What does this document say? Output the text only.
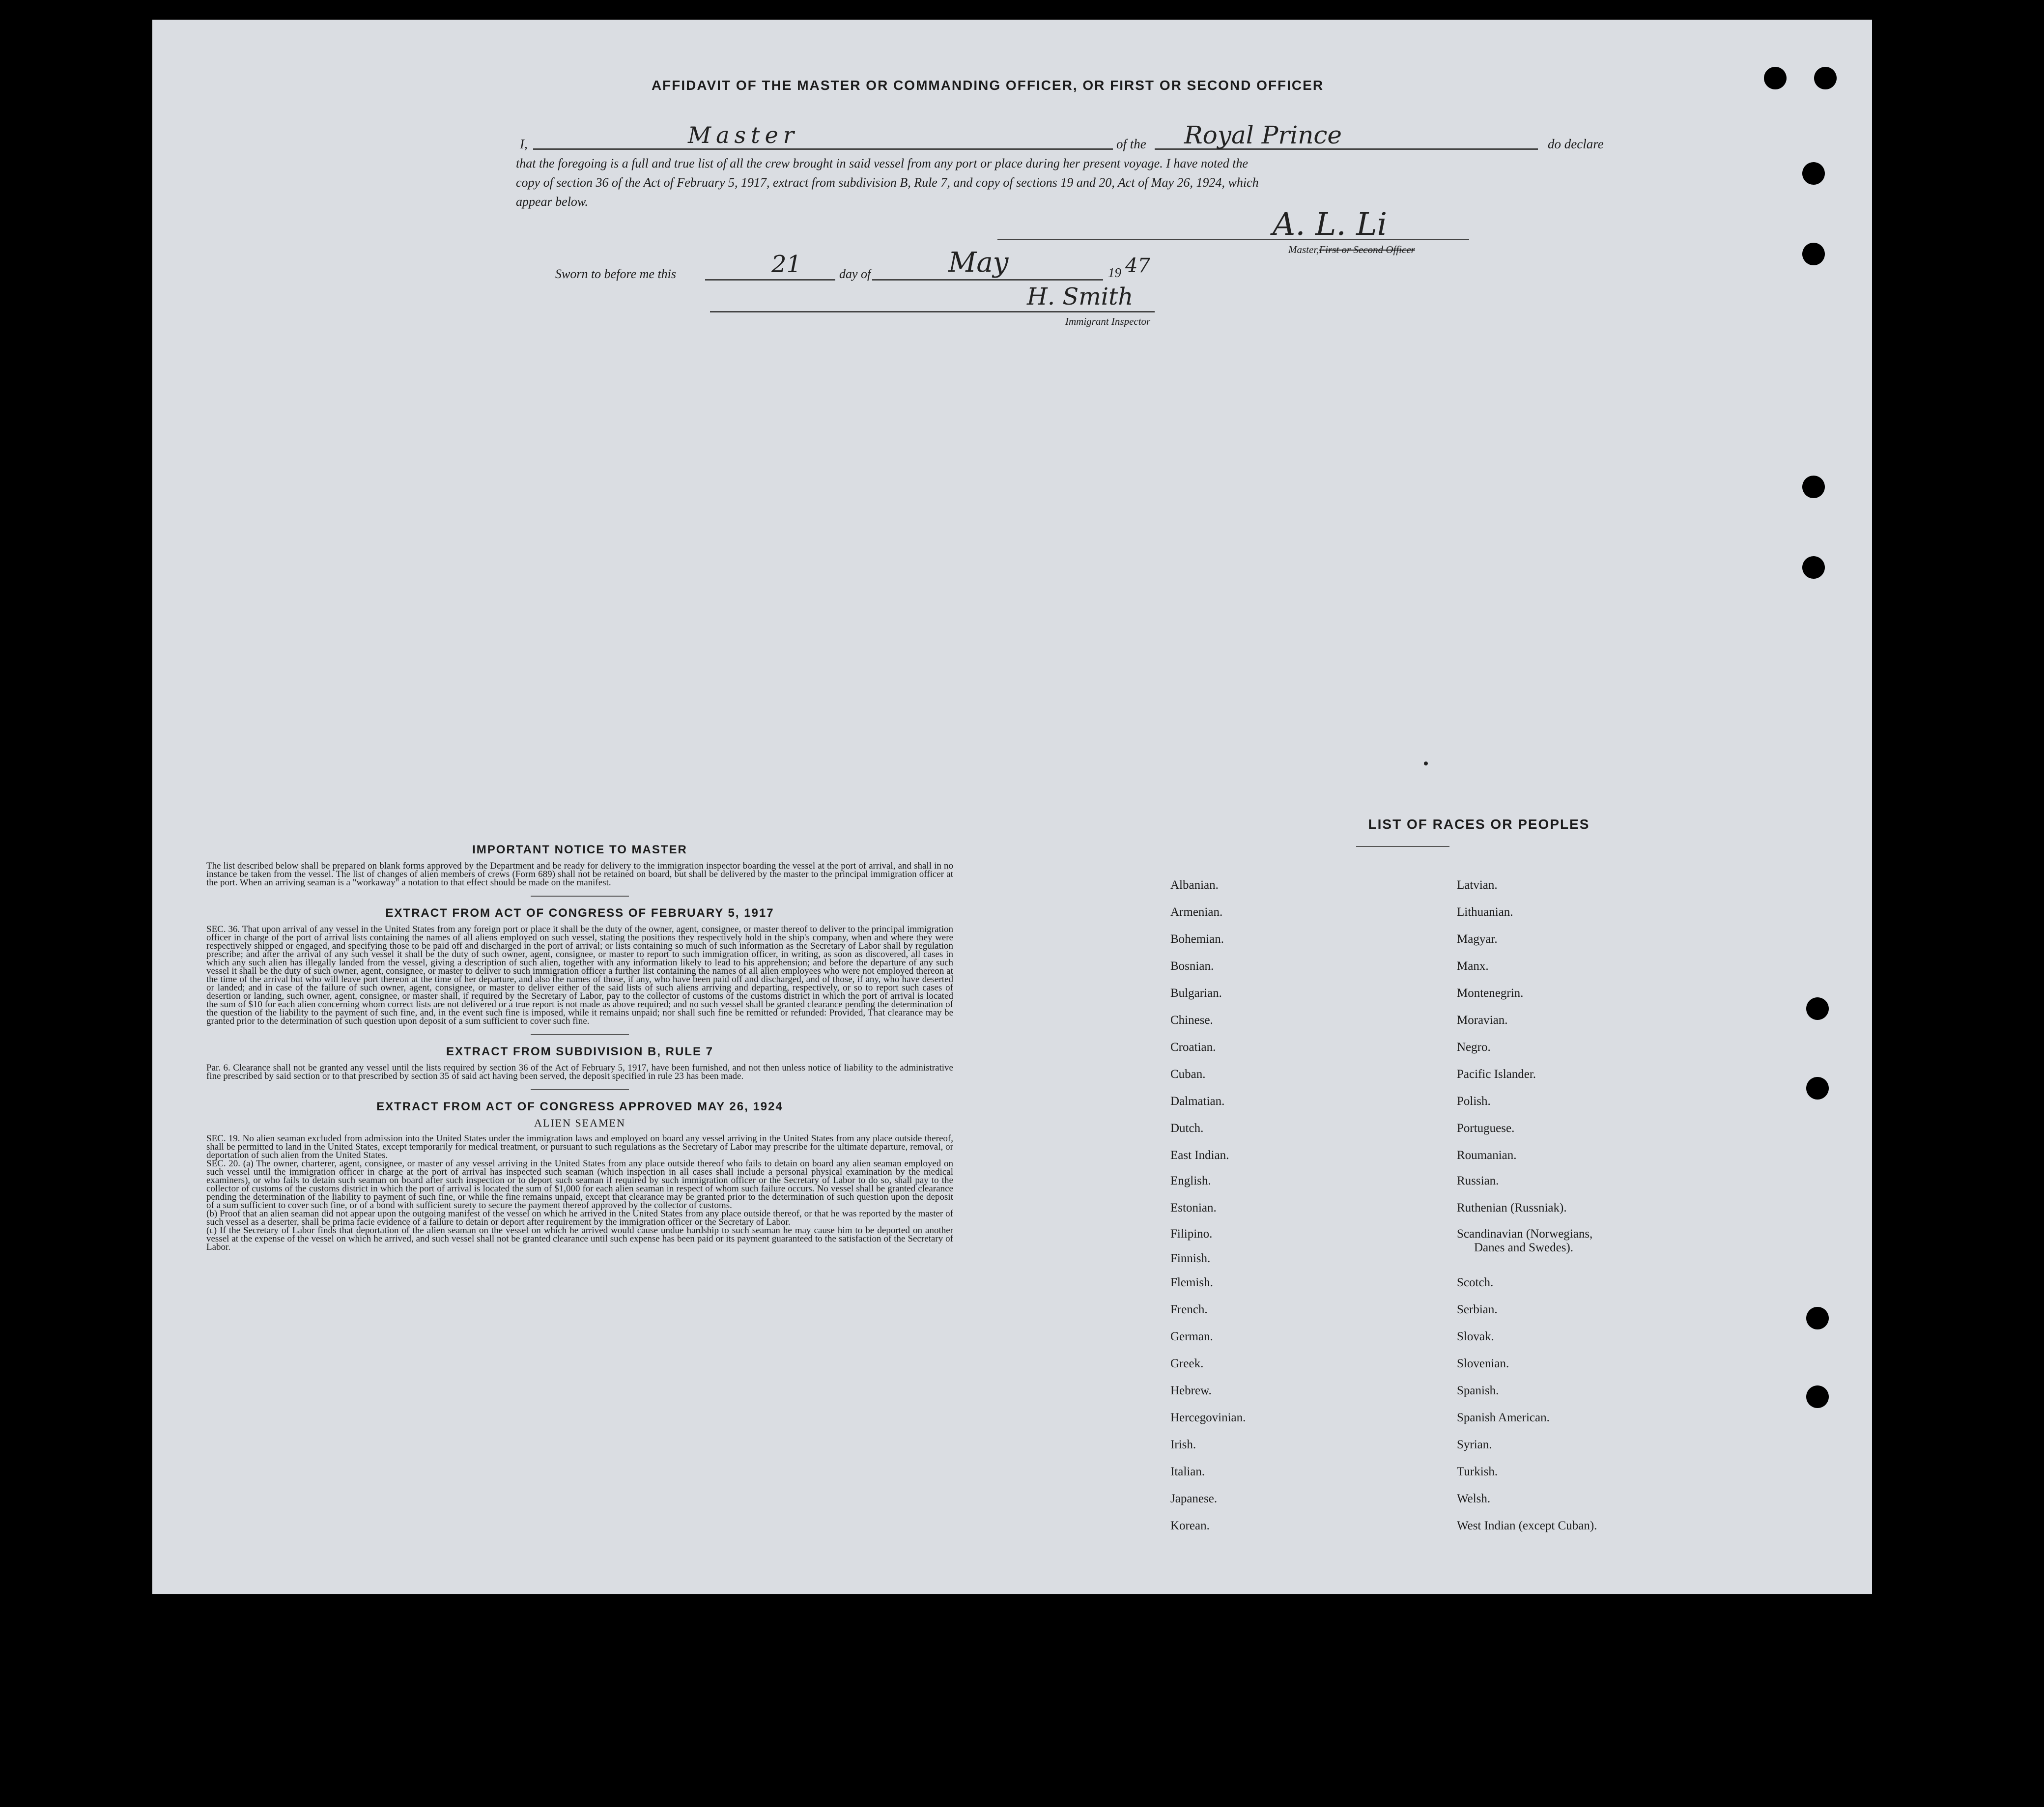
AFFIDAVIT OF THE MASTER OR COMMANDING OFFICER, OR FIRST OR SECOND OFFICER
I,	Master	of the Royal Prince	do declare
that the foregoing is a full and true list of all the crew brought in said vessel from any port or place during her present voyage. I have noted the
copy of section 36 of the Act of February 5, 1917, extract from subdivision B, Rule 7, and copy of sections 19 and 20, Act of May 26, 1924, which
appear below.
A. L. Li
Master,First or Second Officer
Sworn to before me this	21	day of	May	19 47
H. Smith
Immigrant Inspector
IMPORTANT NOTICE TO MASTER

The list described below shall be prepared on blank forms approved by the Department and be ready for delivery to the immigration inspector boarding the vessel at the port of arrival, and shall in no instance be taken from the vessel. The list of changes of alien members of crews (Form 689) shall not be retained on board, but shall be delivered by the master to the principal immigration officer at the port. When an arriving seaman is a "workaway" a notation to that effect should be made on the manifest.

EXTRACT FROM ACT OF CONGRESS OF FEBRUARY 5, 1917

SEC. 36. That upon arrival of any vessel in the United States from any foreign port or place it shall be the duty of the owner, agent, consignee, or master thereof to deliver to the principal immigration officer in charge of the port of arrival lists containing the names of all aliens employed on such vessel, stating the positions they respectively hold in the ship's company, when and where they were respectively shipped or engaged, and specifying those to be paid off and discharged in the port of arrival; or lists containing so much of such information as the Secretary of Labor shall by regulation prescribe; and after the arrival of any such vessel it shall be the duty of such owner, agent, consignee, or master to report to such immigration officer, in writing, as soon as discovered, all cases in which any such alien has illegally landed from the vessel, giving a description of such alien, together with any information likely to lead to his apprehension; and before the departure of any such vessel it shall be the duty of such owner, agent, consignee, or master to deliver to such immigration officer a further list containing the names of all alien employees who were not employed thereon at the time of the arrival but who will leave port thereon at the time of her departure, and also the names of those, if any, who have been paid off and discharged, and of those, if any, who have deserted or landed; and in case of the failure of such owner, agent, consignee, or master to deliver either of the said lists of such aliens arriving and departing, respectively, or so to report such cases of desertion or landing, such owner, agent, consignee, or master shall, if required by the Secretary of Labor, pay to the collector of customs of the customs district in which the port of arrival is located the sum of $10 for each alien concerning whom correct lists are not delivered or a true report is not made as above required; and no such vessel shall be granted clearance pending the determination of the question of the liability to the payment of such fine, and, in the event such fine is imposed, while it remains unpaid; nor shall such fine be remitted or refunded: Provided, That clearance may be granted prior to the determination of such question upon deposit of a sum sufficient to cover such fine.

EXTRACT FROM SUBDIVISION B, RULE 7

Par. 6. Clearance shall not be granted any vessel until the lists required by section 36 of the Act of February 5, 1917, have been furnished, and not then unless notice of liability to the administrative fine prescribed by said section or to that prescribed by section 35 of said act having been served, the deposit specified in rule 23 has been made.

EXTRACT FROM ACT OF CONGRESS APPROVED MAY 26, 1924
ALIEN SEAMEN

SEC. 19. No alien seaman excluded from admission into the United States under the immigration laws and employed on board any vessel arriving in the United States from any place outside thereof, shall be permitted to land in the United States, except temporarily for medical treatment, or pursuant to such regulations as the Secretary of Labor may prescribe for the ultimate departure, removal, or deportation of such alien from the United States.

SEC. 20. (a) The owner, charterer, agent, consignee, or master of any vessel arriving in the United States from any place outside thereof who fails to detain on board any alien seaman employed on such vessel until the immigration officer in charge at the port of arrival has inspected such seaman (which inspection in all cases shall include a personal physical examination by the medical examiners), or who fails to detain such seaman on board after such inspection or to deport such seaman if required by such immigration officer or the Secretary of Labor to do so, shall pay to the collector of customs of the customs district in which the port of arrival is located the sum of $1,000 for each alien seaman in respect of whom such failure occurs. No vessel shall be granted clearance pending the determination of the liability to payment of such fine, or while the fine remains unpaid, except that clearance may be granted prior to the determination of such question upon the deposit of a sum sufficient to cover such fine, or of a bond with sufficient surety to secure the payment thereof approved by the collector of customs.

(b) Proof that an alien seaman did not appear upon the outgoing manifest of the vessel on which he arrived in the United States from any place outside thereof, or that he was reported by the master of such vessel as a deserter, shall be prima facie evidence of a failure to detain or deport after requirement by the immigration officer or the Secretary of Labor.

(c) If the Secretary of Labor finds that deportation of the alien seaman on the vessel on which he arrived would cause undue hardship to such seaman he may cause him to be deported on another vessel at the expense of the vessel on which he arrived, and such vessel shall not be granted clearance until such expense has been paid or its payment guaranteed to the satisfaction of the Secretary of Labor.

LIST OF RACES OR PEOPLES
Albanian.
Armenian.
Bohemian.
Bosnian.
Bulgarian.
Chinese.
Croatian.
Cuban.
Dalmatian.
Dutch.
East Indian.
English.
Estonian.
Filipino.
Finnish.
Flemish.
French.
German.
Greek.
Hebrew.
Hercegovinian.
Irish.
Italian.
Japanese.
Korean.
Latvian.
Lithuanian.
Magyar.
Manx.
Montenegrin.
Moravian.
Negro.
Pacific Islander.
Polish.
Portuguese.
Roumanian.
Russian.
Ruthenian (Russniak).
Scandinavian (Norwegians,
Danes and Swedes).
Scotch.
Serbian.
Slovak.
Slovenian.
Spanish.
Spanish American.
Syrian.
Turkish.
Welsh.
West Indian (except Cuban).
